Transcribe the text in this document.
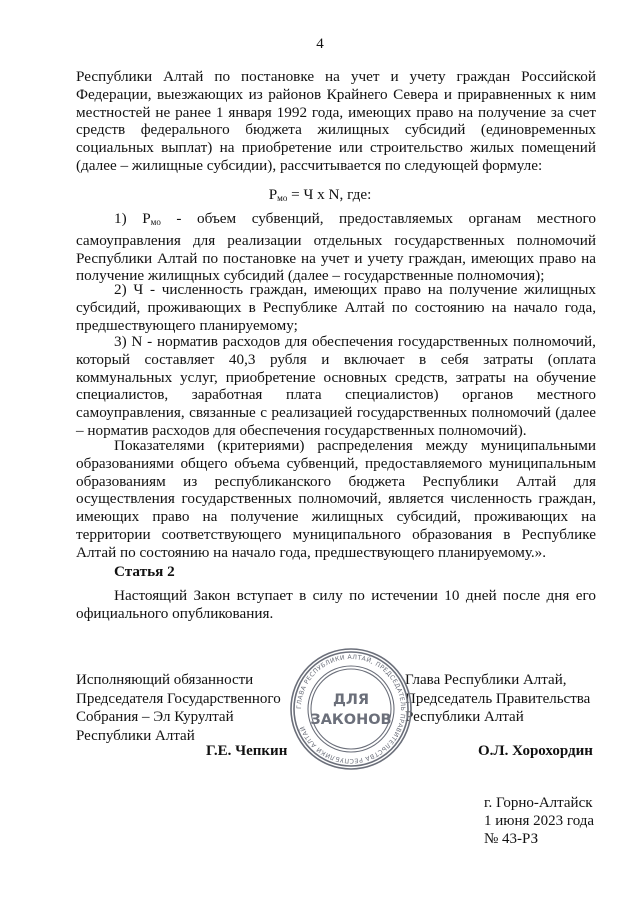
4
Республики Алтай по постановке на учет и учету граждан Российской Федерации, выезжающих из районов Крайнего Севера и приравненных к ним местностей не ранее 1 января 1992 года, имеющих право на получение за счет средств федерального бюджета жилищных субсидий (единовременных социальных выплат) на приобретение или строительство жилых помещений (далее – жилищные субсидии), рассчитывается по следующей формуле:
$Р_{мо} = Ч$ x N, где:
1) Рмо - объем субвенций, предоставляемых органам местного самоуправления для реализации отдельных государственных полномочий Республики Алтай по постановке на учет и учету граждан, имеющих право на получение жилищных субсидий (далее – государственные полномочия);
2) Ч - численность граждан, имеющих право на получение жилищных субсидий, проживающих в Республике Алтай по состоянию на начало года, предшествующего планируемому;
3) N - норматив расходов для обеспечения государственных полномочий, который составляет 40,3 рубля и включает в себя затраты (оплата коммунальных услуг, приобретение основных средств, затраты на обучение специалистов, заработная плата специалистов) органов местного самоуправления, связанные с реализацией государственных полномочий (далее – норматив расходов для обеспечения государственных полномочий).
Показателями (критериями) распределения между муниципальными образованиями общего объема субвенций, предоставляемого муниципальным образованиям из республиканского бюджета Республики Алтай для осуществления государственных полномочий, является численность граждан, имеющих право на получение жилищных субсидий, проживающих на территории соответствующего муниципального образования в Республике Алтай по состоянию на начало года, предшествующего планируемому.».
Статья 2
Настоящий Закон вступает в силу по истечении 10 дней после дня его официального опубликования.
Исполняющий обязанности
Председателя Государственного
Собрания – Эл Курултай
Республики Алтай
Г.Е. Чепкин
Глава Республики Алтай,
Председатель Правительства
Республики Алтай
О.Л. Хорохордин
ГЛАВА РЕСПУБЛИКИ АЛТАЙ, ПРЕДСЕДАТЕЛЬ ПРАВИТЕЛЬСТВА РЕСПУБЛИКИ АЛТАЙ
ДЛЯ
ЗАКОНОВ
г. Горно-Алтайск
1 июня 2023 года
№ 43-РЗ
